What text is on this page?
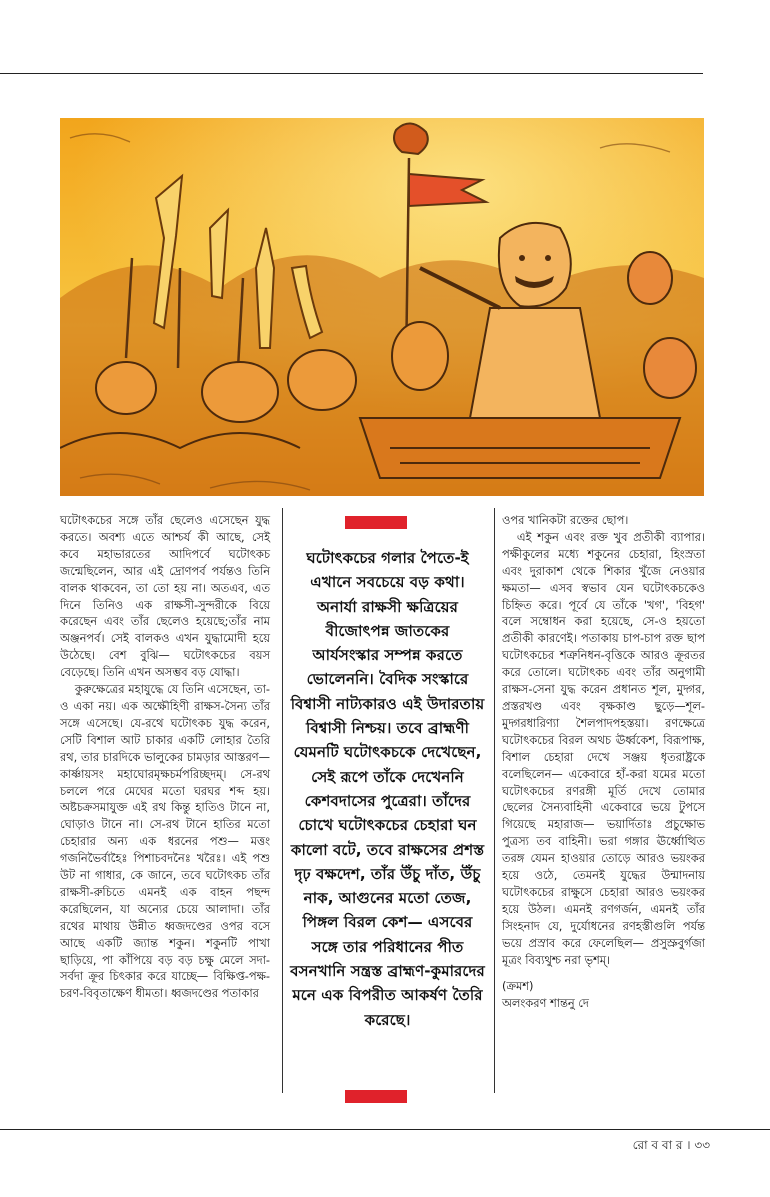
ঘটোৎকচের সঙ্গে তাঁর ছেলেও এসেছেন যুদ্ধ করতে। অবশ্য এতে আশ্চর্য কী আছে, সেই কবে মহাভারতের আদিপর্বে ঘটোৎকচ জন্মেছিলেন, আর এই দ্রোণপর্ব পর্যন্তও তিনি বালক থাকবেন, তা তো হয় না। অতএব, এত দিনে তিনিও এক রাক্ষসী-সুন্দরীকে বিয়ে করেছেন এবং তাঁর ছেলেও হয়েছে;তাঁর নাম অঞ্জনপর্ব। সেই বালকও এখন যুদ্ধামোদী হয়ে উঠেছে। বেশ বুঝি— ঘটোৎকচের বয়স বেড়েছে। তিনি এখন অসম্ভব বড় যোদ্ধা।

কুরুক্ষেত্রের মহাযুদ্ধে যে তিনি এসেছেন, তা-ও একা নয়। এক অক্ষৌহিণী রাক্ষস-সৈন্য তাঁর সঙ্গে এসেছে। যে-রথে ঘটোৎকচ যুদ্ধ করেন, সেটি বিশাল আট চাকার একটি লোহার তৈরি রথ, তার চারদিকে ভালুকের চামড়ার আস্তরণ— কার্ষ্ণায়সং মহাঘোরমৃক্ষচর্মপরিচ্ছদম্। সে-রথ চললে পরে মেঘের মতো ঘরঘর শব্দ হয়। অষ্টচক্রসমাযুক্ত এই রথ কিন্তু হাতিও টানে না, ঘোড়াও টানে না। সে-রথ টানে হাতির মতো চেহারার অন্য এক ধরনের পশু— মত্তং গজনিভৈর্বাহৈঃ পিশাচবদনৈঃ খরৈঃ। এই পশু উট না গাধার, কে জানে, তবে ঘটোৎকচ তাঁর রাক্ষসী-রুচিতে এমনই এক বাহন পছন্দ করেছিলেন, যা অন্যের চেয়ে আলাদা। তাঁর রথের মাথায় উন্নীত ধ্বজদণ্ডের ওপর বসে আছে একটি জ্যান্ত শকুন। শকুনটি পাখা ছাড়িয়ে, পা কাঁপিয়ে বড় বড় চক্ষু মেলে সদা-সর্বদা ক্রূর চিৎকার করে যাচ্ছে— বিক্ষিপ্ত-পক্ষ-চরণ-বিবৃতাক্ষেণ ধীমতা। ধ্বজদণ্ডের পতাকার

ঘটোৎকচের গলার পৈতে-ই এখানে সবচেয়ে বড় কথা। অনার্যা রাক্ষসী ক্ষত্রিয়ের বীজোৎপন্ন জাতকের আর্যসংস্কার সম্পন্ন করতে ভোলেননি। বৈদিক সংস্কারে বিশ্বাসী নাট্যকারও এই উদারতায় বিশ্বাসী নিশ্চয়। তবে ব্রাহ্মণী যেমনটি ঘটোৎকচকে দেখেছেন, সেই রূপে তাঁকে দেখেননি কেশবদাসের পুত্রেরা। তাঁদের চোখে ঘটোৎকচের চেহারা ঘন কালো বটে, তবে রাক্ষসের প্রশস্ত দৃঢ় বক্ষদেশ, তাঁর উঁচু দাঁত, উঁচু নাক, আগুনের মতো তেজ, পিঙ্গল বিরল কেশ— এসবের সঙ্গে তার পরিধানের পীত বসনখানি সন্ত্রস্ত ব্রাহ্মণ-কুমারদের মনে এক বিপরীত আকর্ষণ তৈরি করেছে।

ওপর খানিকটা রক্তের ছোপ।

এই শকুন এবং রক্ত খুব প্রতীকী ব্যাপার। পক্ষীকুলের মধ্যে শকুনের চেহারা, হিংস্রতা এবং দুরাকাশ থেকে শিকার খুঁজে নেওয়ার ক্ষমতা— এসব স্বভাব যেন ঘটোৎকচকেও চিহ্নিত করে। পূর্বে যে তাঁকে 'খগ', 'বিহগ' বলে সম্বোধন করা হয়েছে, সে-ও হয়তো প্রতীকী কারণেই। পতাকায় চাপ-চাপ রক্ত ছাপ ঘটোৎকচের শত্রুনিধন-বৃত্তিকে আরও ক্রূরতর করে তোলে। ঘটোৎকচ এবং তাঁর অনুগামী রাক্ষস-সেনা যুদ্ধ করেন প্রধানত শূল, মুদ্গর, প্রস্তরখণ্ড এবং বৃক্ষকাণ্ড ছুড়ে—শূল-মুদ্গরধারিণ্যা শৈলপাদপহস্তয়া। রণক্ষেত্রে ঘটোৎকচের বিরল অথচ ঊর্ধ্বকেশ, বিরূপাক্ষ, বিশাল চেহারা দেখে সঞ্জয় ধৃতরাষ্ট্রকে বলেছিলেন— একেবারে হাঁ-করা যমের মতো ঘটোৎকচের রণরঙ্গী মূর্তি দেখে তোমার ছেলের সৈন্যবাহিনী একেবারে ভয়ে টুপসে গিয়েছে মহারাজ— ভয়ার্দিতাঃ প্রচুক্ষোভ পুত্রস্য তব বাহিনী। ভরা গঙ্গার ঊর্ধ্বোত্থিত তরঙ্গ যেমন হাওয়ার তোড়ে আরও ভয়ংকর হয়ে ওঠে, তেমনই যুদ্ধের উন্মাদনায় ঘটোৎকচের রাক্ষুসে চেহারা আরও ভয়ংকর হয়ে উঠল। এমনই রণগর্জন, এমনই তাঁর সিংহনাদ যে, দুর্যোধনের রণহস্তীগুলি পর্যন্ত ভয়ে প্রস্রাব করে ফেলেছিল— প্রসুস্রুবুর্গজা মূত্রং বিব্যথুশ্চ নরা ভৃশম্।

(ক্রমশ)

অলংকরণ শান্তনু দে

রো ব বা র । ৩৩
